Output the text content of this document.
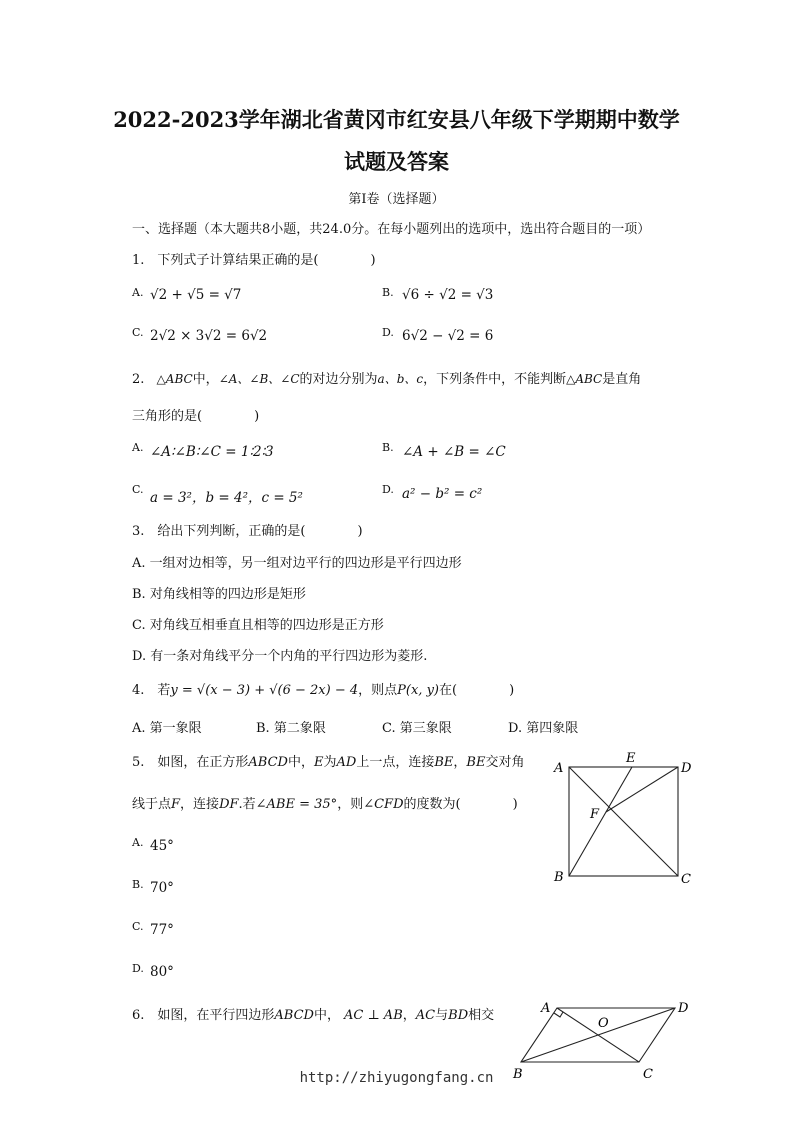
2022-2023学年湖北省黄冈市红安县八年级下学期期中数学
试题及答案
第I卷（选择题）
一、选择题（本大题共8小题，共24.0分。在每小题列出的选项中，选出符合题目的一项）
1.　下列式子计算结果正确的是(　　　　)
A. √2 + √5 = √7	B. √6 ÷ √2 = √3
C. 2√2 × 3√2 = 6√2	D. 6√2 − √2 = 6
2. △ABC中，∠A、∠B、∠C的对边分别为a、b、c，下列条件中，不能判断△ABC是直角
三角形的是(　　　　)
A. ∠A∶∠B∶∠C = 1∶2∶3	B. ∠A + ∠B = ∠C
C.
a = 3²，b = 4²，c = 5²
D. a² − b² = c²
3.　给出下列判断，正确的是(　　　　)
A. 一组对边相等，另一组对边平行的四边形是平行四边形
B. 对角线相等的四边形是矩形
C. 对角线互相垂直且相等的四边形是正方形
D. 有一条对角线平分一个内角的平行四边形为菱形.
4.　若y = √(x − 3) + √(6 − 2x) − 4，则点P(x, y)在(　　　　)
A. 第一象限	B. 第二象限	C. 第三象限	D. 第四象限
5.　如图，在正方形ABCD中，E为AD上一点，连接BE，BE交对角
线于点F，连接DF.若∠ABE = 35°，则∠CFD的度数为(　　　　)
A. 45°
B. 70°
C. 77°
D. 80°
A
E
D
F
B	C
6.　如图，在平行四边形ABCD中， AC ⊥ AB，AC与BD相交	A
O
D
B	C
http://zhiyugongfang.cn
